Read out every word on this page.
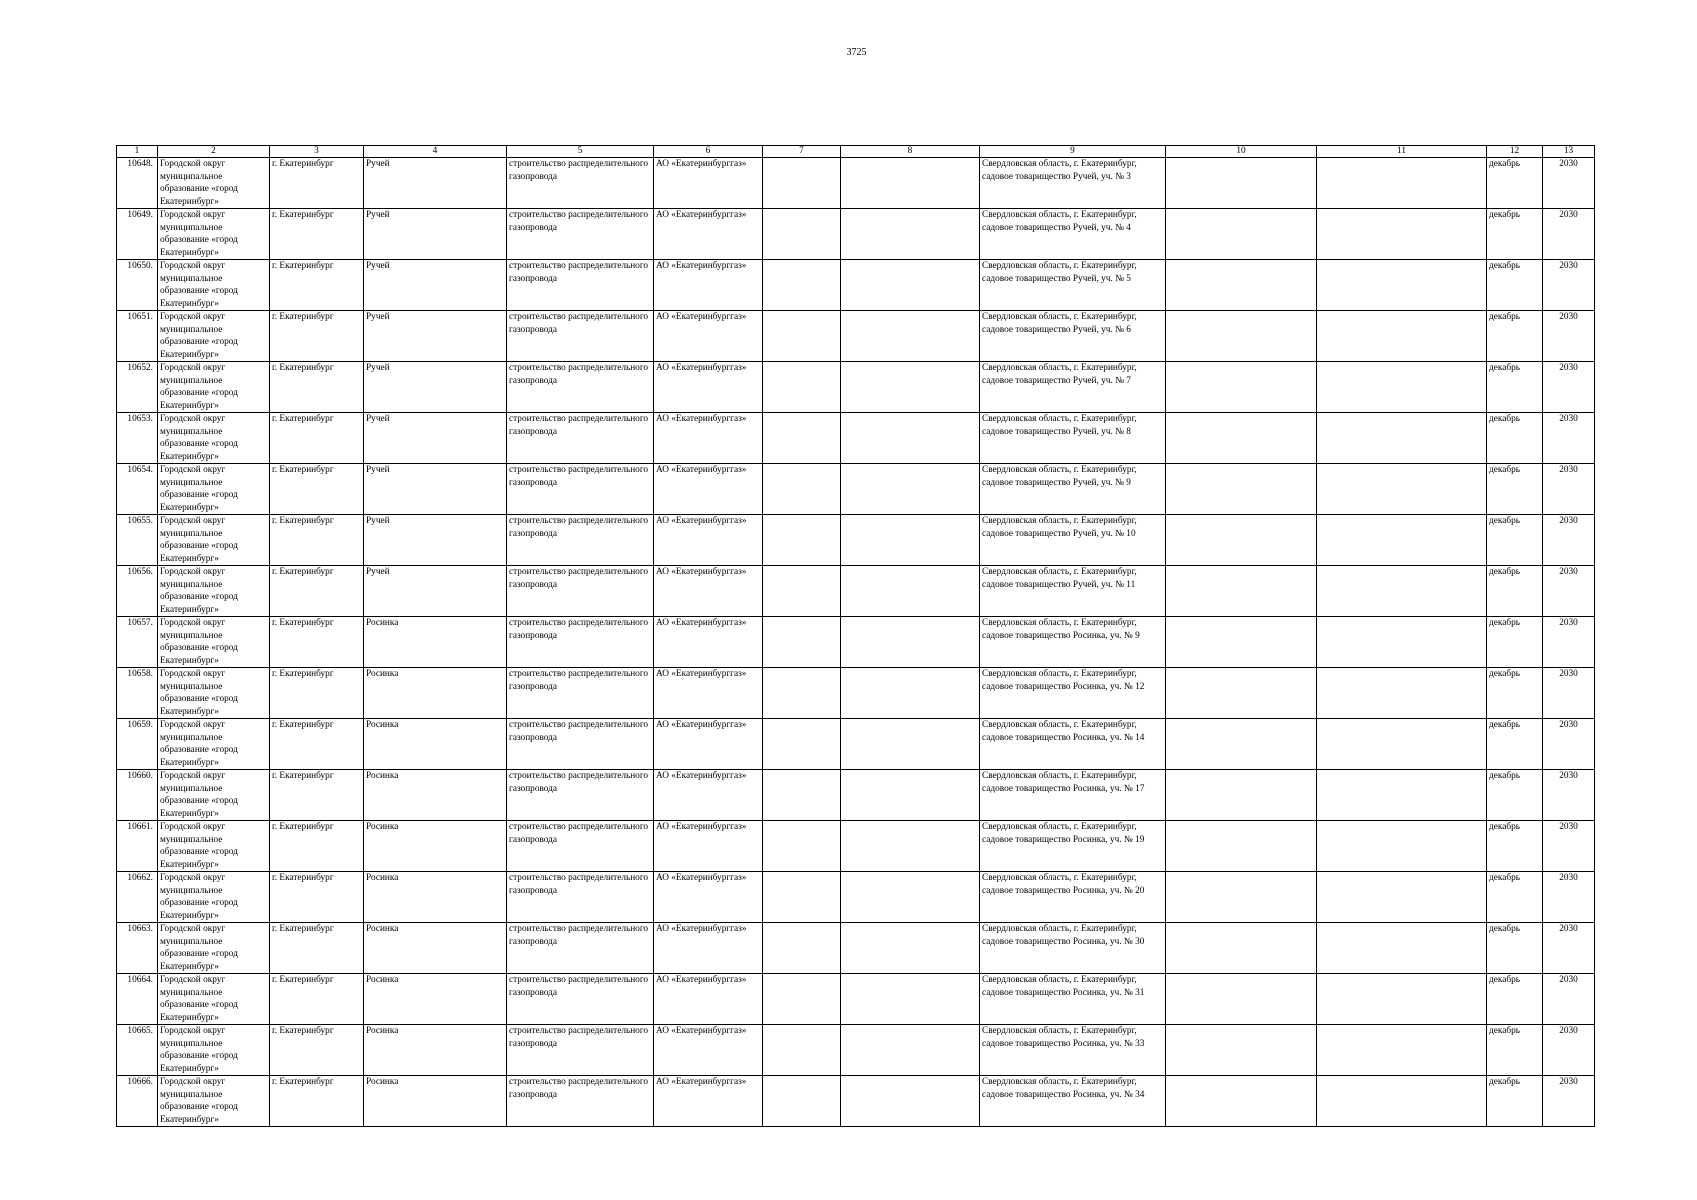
3725
1	2	3	4	5	6	7	8	9	10	11	12	13
10648.	Городской округ муниципальное образование «город Екатеринбург»	г. Екатеринбург	Ручей	строительство распределительного газопровода	АО «Екатеринбурггаз»			Свердловская область, г. Екатеринбург, садовое товарищество Ручей, уч. № 3			декабрь	2030
10649.	Городской округ муниципальное образование «город Екатеринбург»	г. Екатеринбург	Ручей	строительство распределительного газопровода	АО «Екатеринбурггаз»			Свердловская область, г. Екатеринбург, садовое товарищество Ручей, уч. № 4			декабрь	2030
10650.	Городской округ муниципальное образование «город Екатеринбург»	г. Екатеринбург	Ручей	строительство распределительного газопровода	АО «Екатеринбурггаз»			Свердловская область, г. Екатеринбург, садовое товарищество Ручей, уч. № 5			декабрь	2030
10651.	Городской округ муниципальное образование «город Екатеринбург»	г. Екатеринбург	Ручей	строительство распределительного газопровода	АО «Екатеринбурггаз»			Свердловская область, г. Екатеринбург, садовое товарищество Ручей, уч. № 6			декабрь	2030
10652.	Городской округ муниципальное образование «город Екатеринбург»	г. Екатеринбург	Ручей	строительство распределительного газопровода	АО «Екатеринбурггаз»			Свердловская область, г. Екатеринбург, садовое товарищество Ручей, уч. № 7			декабрь	2030
10653.	Городской округ муниципальное образование «город Екатеринбург»	г. Екатеринбург	Ручей	строительство распределительного газопровода	АО «Екатеринбурггаз»			Свердловская область, г. Екатеринбург, садовое товарищество Ручей, уч. № 8			декабрь	2030
10654.	Городской округ муниципальное образование «город Екатеринбург»	г. Екатеринбург	Ручей	строительство распределительного газопровода	АО «Екатеринбурггаз»			Свердловская область, г. Екатеринбург, садовое товарищество Ручей, уч. № 9			декабрь	2030
10655.	Городской округ муниципальное образование «город Екатеринбург»	г. Екатеринбург	Ручей	строительство распределительного газопровода	АО «Екатеринбурггаз»			Свердловская область, г. Екатеринбург, садовое товарищество Ручей, уч. № 10			декабрь	2030
10656.	Городской округ муниципальное образование «город Екатеринбург»	г. Екатеринбург	Ручей	строительство распределительного газопровода	АО «Екатеринбурггаз»			Свердловская область, г. Екатеринбург, садовое товарищество Ручей, уч. № 11			декабрь	2030
10657.	Городской округ муниципальное образование «город Екатеринбург»	г. Екатеринбург	Росинка	строительство распределительного газопровода	АО «Екатеринбурггаз»			Свердловская область, г. Екатеринбург, садовое товарищество Росинка, уч. № 9			декабрь	2030
10658.	Городской округ муниципальное образование «город Екатеринбург»	г. Екатеринбург	Росинка	строительство распределительного газопровода	АО «Екатеринбурггаз»			Свердловская область, г. Екатеринбург, садовое товарищество Росинка, уч. № 12			декабрь	2030
10659.	Городской округ муниципальное образование «город Екатеринбург»	г. Екатеринбург	Росинка	строительство распределительного газопровода	АО «Екатеринбурггаз»			Свердловская область, г. Екатеринбург, садовое товарищество Росинка, уч. № 14			декабрь	2030
10660.	Городской округ муниципальное образование «город Екатеринбург»	г. Екатеринбург	Росинка	строительство распределительного газопровода	АО «Екатеринбурггаз»			Свердловская область, г. Екатеринбург, садовое товарищество Росинка, уч. № 17			декабрь	2030
10661.	Городской округ муниципальное образование «город Екатеринбург»	г. Екатеринбург	Росинка	строительство распределительного газопровода	АО «Екатеринбурггаз»			Свердловская область, г. Екатеринбург, садовое товарищество Росинка, уч. № 19			декабрь	2030
10662.	Городской округ муниципальное образование «город Екатеринбург»	г. Екатеринбург	Росинка	строительство распределительного газопровода	АО «Екатеринбурггаз»			Свердловская область, г. Екатеринбург, садовое товарищество Росинка, уч. № 20			декабрь	2030
10663.	Городской округ муниципальное образование «город Екатеринбург»	г. Екатеринбург	Росинка	строительство распределительного газопровода	АО «Екатеринбурггаз»			Свердловская область, г. Екатеринбург, садовое товарищество Росинка, уч. № 30			декабрь	2030
10664.	Городской округ муниципальное образование «город Екатеринбург»	г. Екатеринбург	Росинка	строительство распределительного газопровода	АО «Екатеринбурггаз»			Свердловская область, г. Екатеринбург, садовое товарищество Росинка, уч. № 31			декабрь	2030
10665.	Городской округ муниципальное образование «город Екатеринбург»	г. Екатеринбург	Росинка	строительство распределительного газопровода	АО «Екатеринбурггаз»			Свердловская область, г. Екатеринбург, садовое товарищество Росинка, уч. № 33			декабрь	2030
10666.	Городской округ муниципальное образование «город Екатеринбург»	г. Екатеринбург	Росинка	строительство распределительного газопровода	АО «Екатеринбурггаз»			Свердловская область, г. Екатеринбург, садовое товарищество Росинка, уч. № 34			декабрь	2030
